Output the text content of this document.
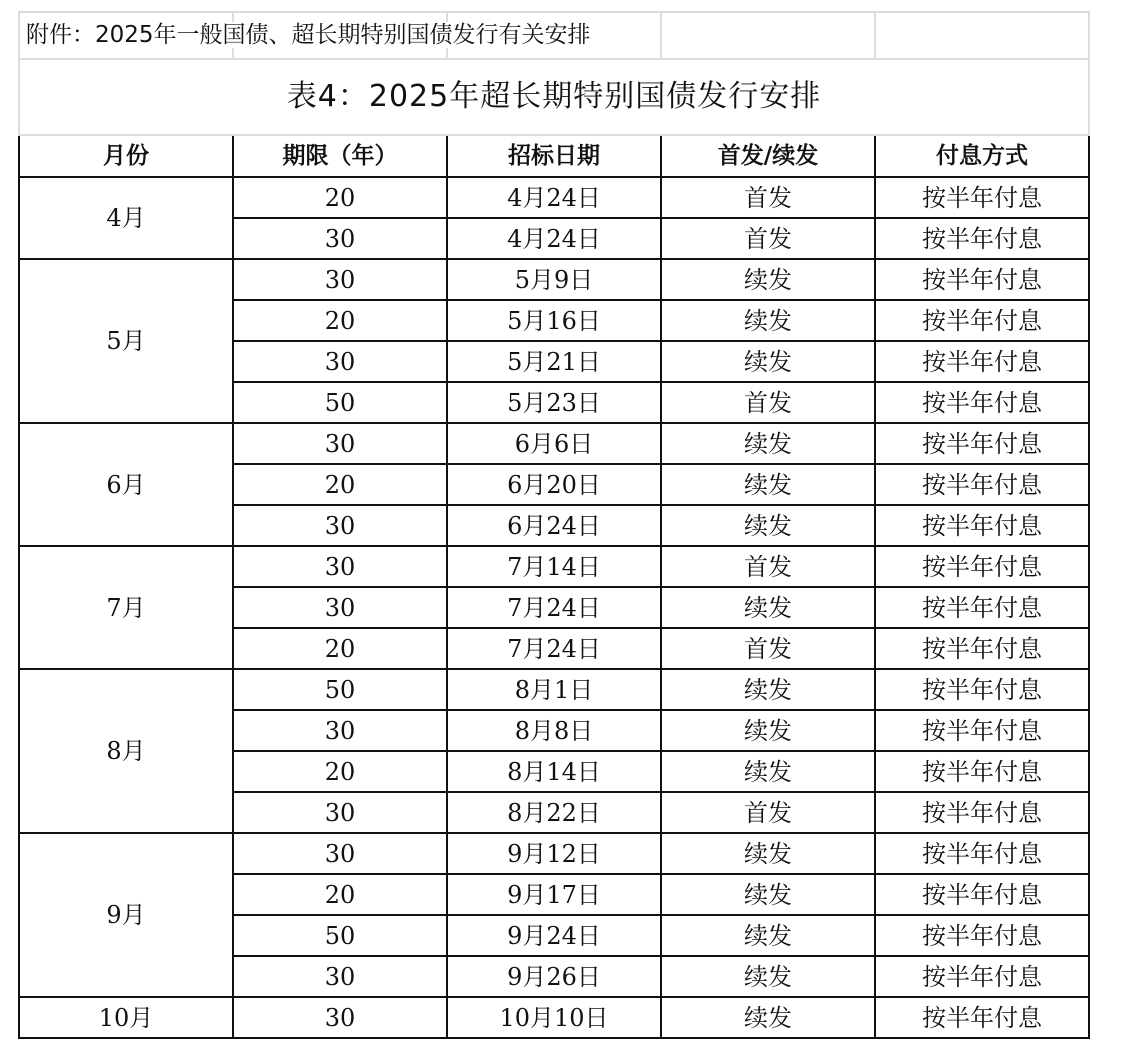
附件：2025年一般国债、超长期特别国债发行有关安排				
表4：2025年超长期特别国债发行安排				
月份	期限（年）	招标日期	首发/续发	付息方式
4月	20	4月24日	首发	按半年付息
	30	4月24日	首发	按半年付息
5月	30	5月9日	续发	按半年付息
	20	5月16日	续发	按半年付息
	30	5月21日	续发	按半年付息
	50	5月23日	首发	按半年付息
6月	30	6月6日	续发	按半年付息
	20	6月20日	续发	按半年付息
	30	6月24日	续发	按半年付息
7月	30	7月14日	首发	按半年付息
	30	7月24日	续发	按半年付息
	20	7月24日	首发	按半年付息
8月	50	8月1日	续发	按半年付息
	30	8月8日	续发	按半年付息
	20	8月14日	续发	按半年付息
	30	8月22日	首发	按半年付息
9月	30	9月12日	续发	按半年付息
	20	9月17日	续发	按半年付息
	50	9月24日	续发	按半年付息
	30	9月26日	续发	按半年付息
10月	30	10月10日	续发	按半年付息
